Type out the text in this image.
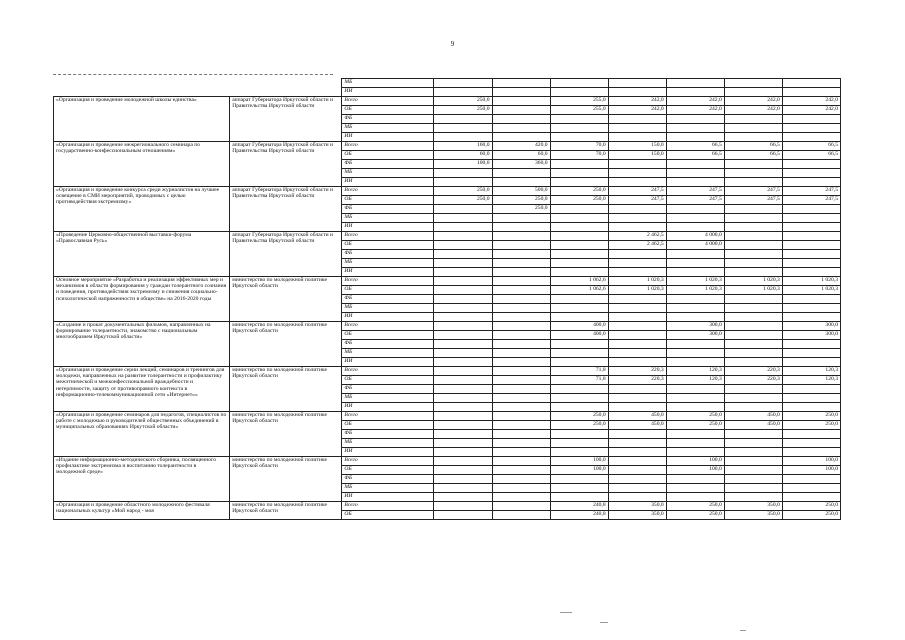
9
		МБ							
		ИИ							
«Организация и проведение молодежной школы единства»	аппарат Губернатора Иркутской области и Правительства Иркутской области	Всего	250,0		255,0	242,0	242,0	242,0	242,0
		ОБ	250,0		255,0	242,0	242,0	242,0	242,0
		ФБ							
		МБ							
		ИИ							
«Организация и проведение межрегионального семинара по государственно-конфессиональным отношениям»	аппарат Губернатора Иркутской области и Правительства Иркутской области	Всего	160,0	420,0	70,0	150,0	66,5	66,5	66,5
		ОБ	60,0	60,0	70,0	150,0	66,5	66,5	66,5
		ФБ	100,0	360,0					
		МБ							
		ИИ							
«Организация и проведение конкурса среди журналистов на лучшее освещение в СМИ мероприятий, проводимых с целью противодействия экстремизму»	аппарат Губернатора Иркутской области и Правительства Иркутской области	Всего	250,0	500,0	250,0	247,5	247,5	247,5	247,5
		ОБ	250,0	250,0	250,0	247,5	247,5	247,5	247,5
		ФБ		250,0					
		МБ							
		ИИ							
«Проведение Церковно-общественной выставки-форума «Православная Русь»	аппарат Губернатора Иркутской области и Правительства Иркутской области	Всего				2 462,5	4 000,0		
		ОБ				2 462,5	4 000,0		
		ФБ							
		МБ							
		ИИ							
Основное мероприятие «Разработка и реализация эффективных мер и механизмов в области формирования у граждан толерантного сознания и поведения, противодействия экстремизму и снижения социально-психологической напряженности в обществе» на 2016-2020 годы	министерство по молодежной политике Иркутской области	Всего			1 062,6	1 020,3	1 020,3	1 020,3	1 020,3
		ОБ			1 062,6	1 020,3	1 020,3	1 020,3	1 020,3
		ФБ							
		МБ							
		ИИ							
«Создание и прокат документальных фильмов, направленных на формирование толерантности, знакомство с национальным многообразием Иркутской области»	министерство по молодежной политике Иркутской области	Всего			400,0		300,0		300,0
		ОБ			400,0		300,0		300,0
		ФБ							
		МБ							
		ИИ							
«Организация и проведение серии лекций, семинаров и тренингов для молодежи, направленных на развитие толерантности и профилактику межэтнической и межконфессиональной враждебности и нетерпимости, защиту от противоправного контекста в информационно-телекоммуникационной сети «Интернет»»	министерство по молодежной политике Иркутской области	Всего			71,8	220,3	120,3	220,3	120,3
		ОБ			71,8	220,3	120,3	220,3	120,3
		ФБ							
		МБ							
		ИИ							
«Организация и проведение семинаров для педагогов, специалистов по работе с молодежью и руководителей общественных объединений в муниципальных образованиях Иркутской области»	министерство по молодежной политике Иркутской области	Всего			250,0	450,0	250,0	450,0	250,0
		ОБ			250,0	450,0	250,0	450,0	250,0
		ФБ							
		МБ							
		ИИ							
«Издание информационно-методического сборника, посвященного профилактике экстремизма и воспитанию толерантности в молодежной среде»	министерство по молодежной политике Иркутской области	Всего			100,0		100,0		100,0
		ОБ			100,0		100,0		100,0
		ФБ							
		МБ							
		ИИ							
«Организация и проведение областного молодежного фестиваля национальных культур «Мой народ - моя	министерство по молодежной политике Иркутской области	Всего			240,8	350,0	250,0	350,0	250,0
		ОБ			240,8	350,0	250,0	350,0	250,0
